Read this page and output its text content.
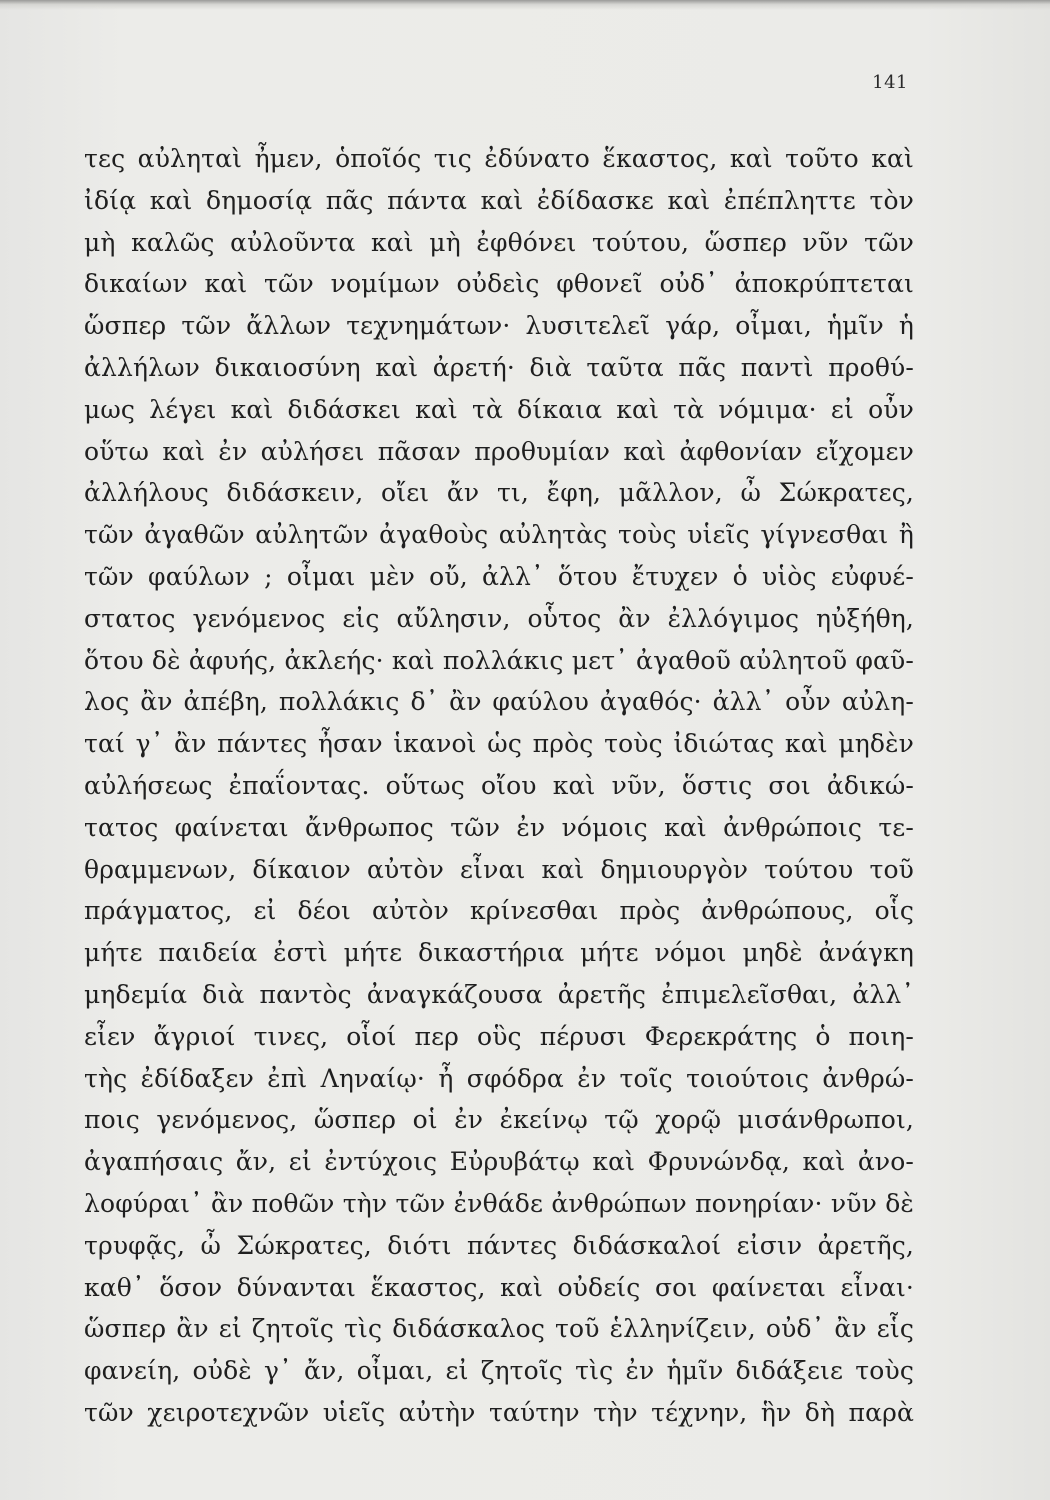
141
τες αὐληταὶ ἦμεν, ὁποῖός τις ἐδύνατο ἕκαστος, καὶ τοῦτο καὶ
ἰδίᾳ καὶ δημοσίᾳ πᾶς πάντα καὶ ἐδίδασκε καὶ ἐπέπληττε τὸν
μὴ καλῶς αὐλοῦντα καὶ μὴ ἐφθόνει τούτου, ὥσπερ νῦν τῶν
δικαίων καὶ τῶν νομίμων οὐδεὶς φθονεῖ οὐδ᾽ ἀποκρύπτεται
ὥσπερ τῶν ἄλλων τεχνημάτων· λυσιτελεῖ γάρ, οἶμαι, ἡμῖν ἡ
ἀλλήλων δικαιοσύνη καὶ ἀρετή· διὰ ταῦτα πᾶς παντὶ προθύ-
μως λέγει καὶ διδάσκει καὶ τὰ δίκαια καὶ τὰ νόμιμα· εἰ οὖν
οὕτω καὶ ἐν αὐλήσει πᾶσαν προθυμίαν καὶ ἀφθονίαν εἴχομεν
ἀλλήλους διδάσκειν, οἴει ἄν τι, ἔφη, μᾶλλον, ὦ Σώκρατες,
τῶν ἀγαθῶν αὐλητῶν ἀγαθοὺς αὐλητὰς τοὺς υἱεῖς γίγνεσθαι ἢ
τῶν φαύλων ; οἶμαι μὲν οὔ, ἀλλ᾽ ὅτου ἔτυχεν ὁ υἱὸς εὐφυέ-
στατος γενόμενος εἰς αὔλησιν, οὗτος ἂν ἐλλόγιμος ηὐξήθη,
ὅτου δὲ ἀφυής, ἀκλεής· καὶ πολλάκις μετ᾽ ἀγαθοῦ αὐλητοῦ φαῦ-
λος ἂν ἀπέβη, πολλάκις δ᾽ ἂν φαύλου ἀγαθός· ἀλλ᾽ οὖν αὐλη-
ταί γ᾽ ἂν πάντες ἦσαν ἱκανοὶ ὡς πρὸς τοὺς ἰδιώτας καὶ μηδὲν
αὐλήσεως ἐπαΐοντας. οὕτως οἴου καὶ νῦν, ὅστις σοι ἀδικώ-
τατος φαίνεται ἄνθρωπος τῶν ἐν νόμοις καὶ ἀνθρώποις τε-
θραμμενων, δίκαιον αὐτὸν εἶναι καὶ δημιουργὸν τούτου τοῦ
πράγματος, εἰ δέοι αὐτὸν κρίνεσθαι πρὸς ἀνθρώπους, οἷς
μήτε παιδεία ἐστὶ μήτε δικαστήρια μήτε νόμοι μηδὲ ἀνάγκη
μηδεμία διὰ παντὸς ἀναγκάζουσα ἀρετῆς ἐπιμελεῖσθαι, ἀλλ᾽
εἶεν ἄγριοί τινες, οἷοί περ οὓς πέρυσι Φερεκράτης ὁ ποιη-
τὴς ἐδίδαξεν ἐπὶ Ληναίῳ· ἦ σφόδρα ἐν τοῖς τοιούτοις ἀνθρώ-
ποις γενόμενος, ὥσπερ οἱ ἐν ἐκείνῳ τῷ χορῷ μισάνθρωποι,
ἀγαπήσαις ἄν, εἰ ἐντύχοις Εὐρυβάτῳ καὶ Φρυνώνδᾳ, καὶ ἀνο-
λοφύραι᾽ ἂν ποθῶν τὴν τῶν ἐνθάδε ἀνθρώπων πονηρίαν· νῦν δὲ
τρυφᾷς, ὦ Σώκρατες, διότι πάντες διδάσκαλοί εἰσιν ἀρετῆς,
καθ᾽ ὅσον δύνανται ἕκαστος, καὶ οὐδείς σοι φαίνεται εἶναι·
ὥσπερ ἂν εἰ ζητοῖς τὶς διδάσκαλος τοῦ ἑλληνίζειν, οὐδ᾽ ἂν εἷς
φανείη, οὐδὲ γ᾽ ἄν, οἶμαι, εἰ ζητοῖς τὶς ἐν ἡμῖν διδάξειε τοὺς
τῶν χειροτεχνῶν υἱεῖς αὐτὴν ταύτην τὴν τέχνην, ἣν δὴ παρὰ
